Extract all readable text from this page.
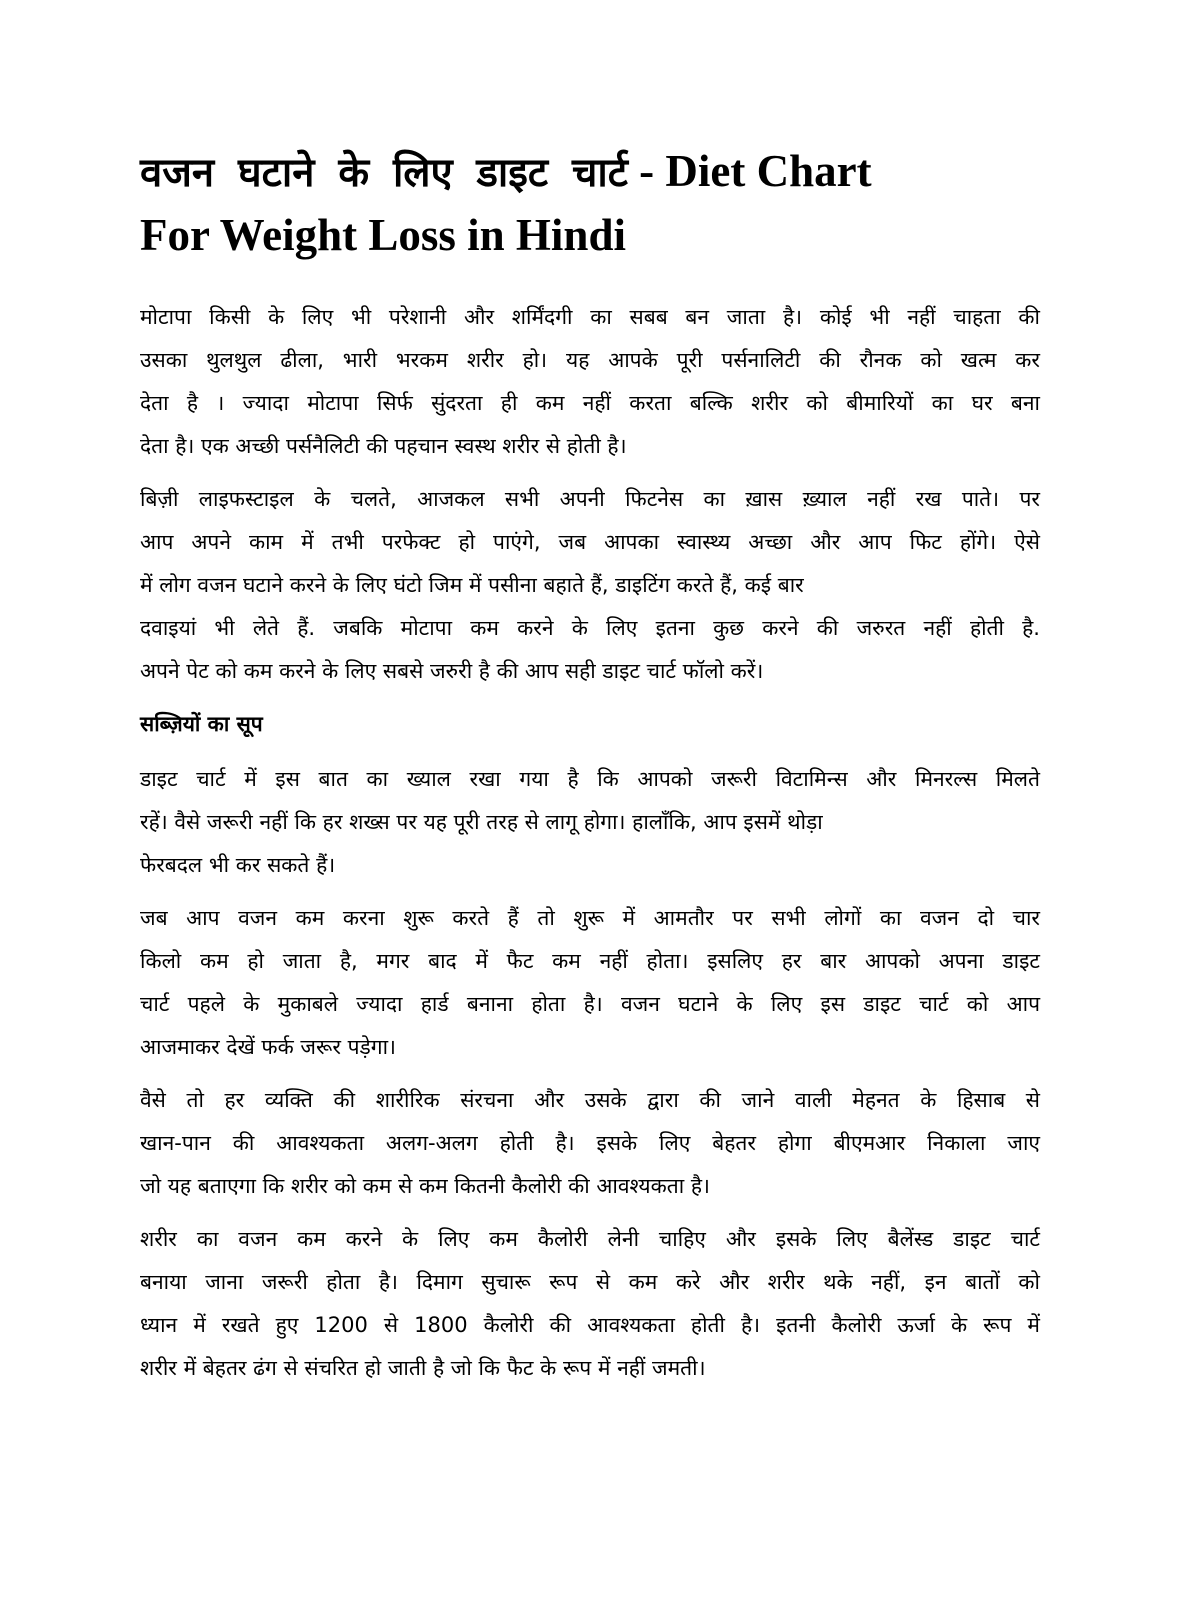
वजन घटाने के लिए डाइट चार्ट - Diet Chart
For Weight Loss in Hindi
मोटापा किसी के लिए भी परेशानी और शर्मिंदगी का सबब बन जाता है। कोई भी नहीं चाहता की
उसका थुलथुल ढीला, भारी भरकम शरीर हो। यह आपके पूरी पर्सनालिटी की रौनक को खत्म कर
देता है । ज्यादा मोटापा सिर्फ सुंदरता ही कम नहीं करता बल्कि शरीर को बीमारियों का घर बना
देता है। एक अच्छी पर्सनैलिटी की पहचान स्वस्थ शरीर से होती है।
बिज़ी लाइफस्टाइल के चलते, आजकल सभी अपनी फिटनेस का ख़ास ख़्याल नहीं रख पाते। पर
आप अपने काम में तभी परफेक्ट हो पाएंगे, जब आपका स्वास्थ्य अच्छा और आप फिट होंगे। ऐसे
में लोग वजन घटाने करने के लिए घंटो जिम में पसीना बहाते हैं, डाइटिंग करते हैं, कई बार
दवाइयां भी लेते हैं. जबकि मोटापा कम करने के लिए इतना कुछ करने की जरुरत नहीं होती है.
अपने पेट को कम करने के लिए सबसे जरुरी है की आप सही डाइट चार्ट फॉलो करें।
सब्ज़ियों का सूप
डाइट चार्ट में इस बात का ख्याल रखा गया है कि आपको जरूरी विटामिन्स और मिनरल्स मिलते
रहें। वैसे जरूरी नहीं कि हर शख्स पर यह पूरी तरह से लागू होगा। हालाँकि, आप इसमें थोड़ा
फेरबदल भी कर सकते हैं।
जब आप वजन कम करना शुरू करते हैं तो शुरू में आमतौर पर सभी लोगों का वजन दो चार
किलो कम हो जाता है, मगर बाद में फैट कम नहीं होता। इसलिए हर बार आपको अपना डाइट
चार्ट पहले के मुकाबले ज्यादा हार्ड बनाना होता है। वजन घटाने के लिए इस डाइट चार्ट को आप
आजमाकर देखें फर्क जरूर पड़ेगा।
वैसे तो हर व्यक्ति की शारीरिक संरचना और उसके द्वारा की जाने वाली मेहनत के हिसाब से
खान-पान की आवश्यकता अलग-अलग होती है। इसके लिए बेहतर होगा बीएमआर निकाला जाए
जो यह बताएगा कि शरीर को कम से कम कितनी कैलोरी की आवश्यकता है।
शरीर का वजन कम करने के लिए कम कैलोरी लेनी चाहिए और इसके लिए बैलेंस्ड डाइट चार्ट
बनाया जाना जरूरी होता है। दिमाग सुचारू रूप से कम करे और शरीर थके नहीं, इन बातों को
ध्यान में रखते हुए 1200 से 1800 कैलोरी की आवश्यकता होती है। इतनी कैलोरी ऊर्जा के रूप में
शरीर में बेहतर ढंग से संचरित हो जाती है जो कि फैट के रूप में नहीं जमती।
